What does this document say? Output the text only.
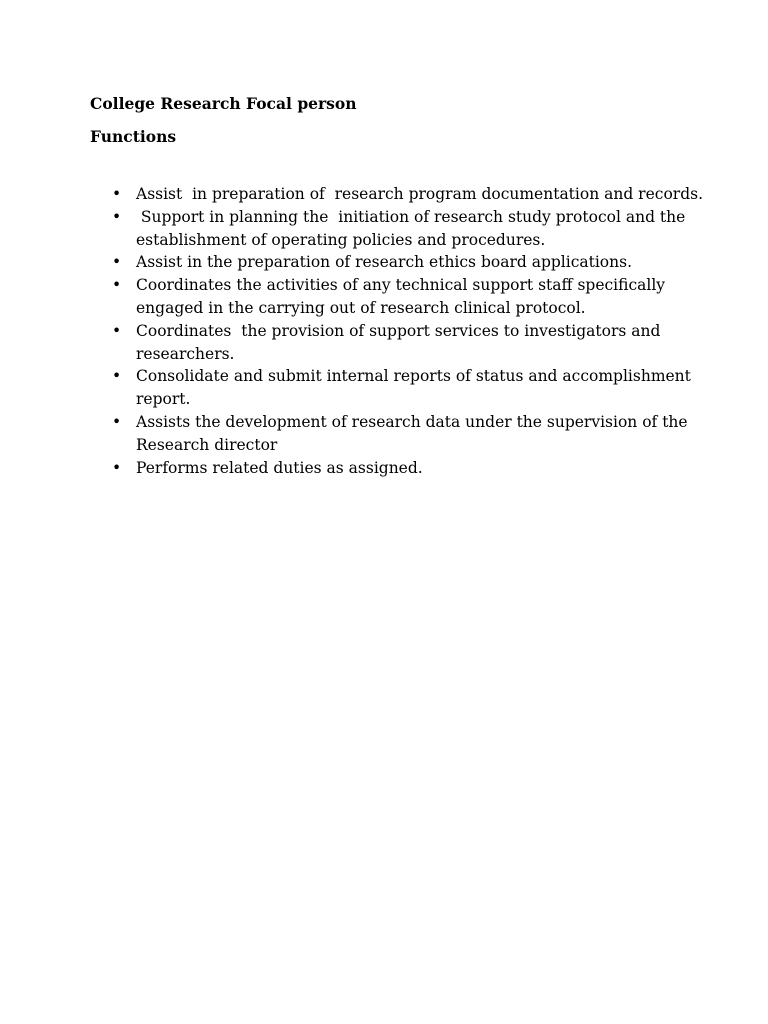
College Research Focal person
Functions
• Assist  in preparation of  research program documentation and records.
• Support in planning the  initiation of research study protocol and the
establishment of operating policies and procedures.
• Assist in the preparation of research ethics board applications.
• Coordinates the activities of any technical support staff specifically
engaged in the carrying out of research clinical protocol.
• Coordinates  the provision of support services to investigators and
researchers.
• Consolidate and submit internal reports of status and accomplishment
report.
• Assists the development of research data under the supervision of the
Research director
• Performs related duties as assigned.
